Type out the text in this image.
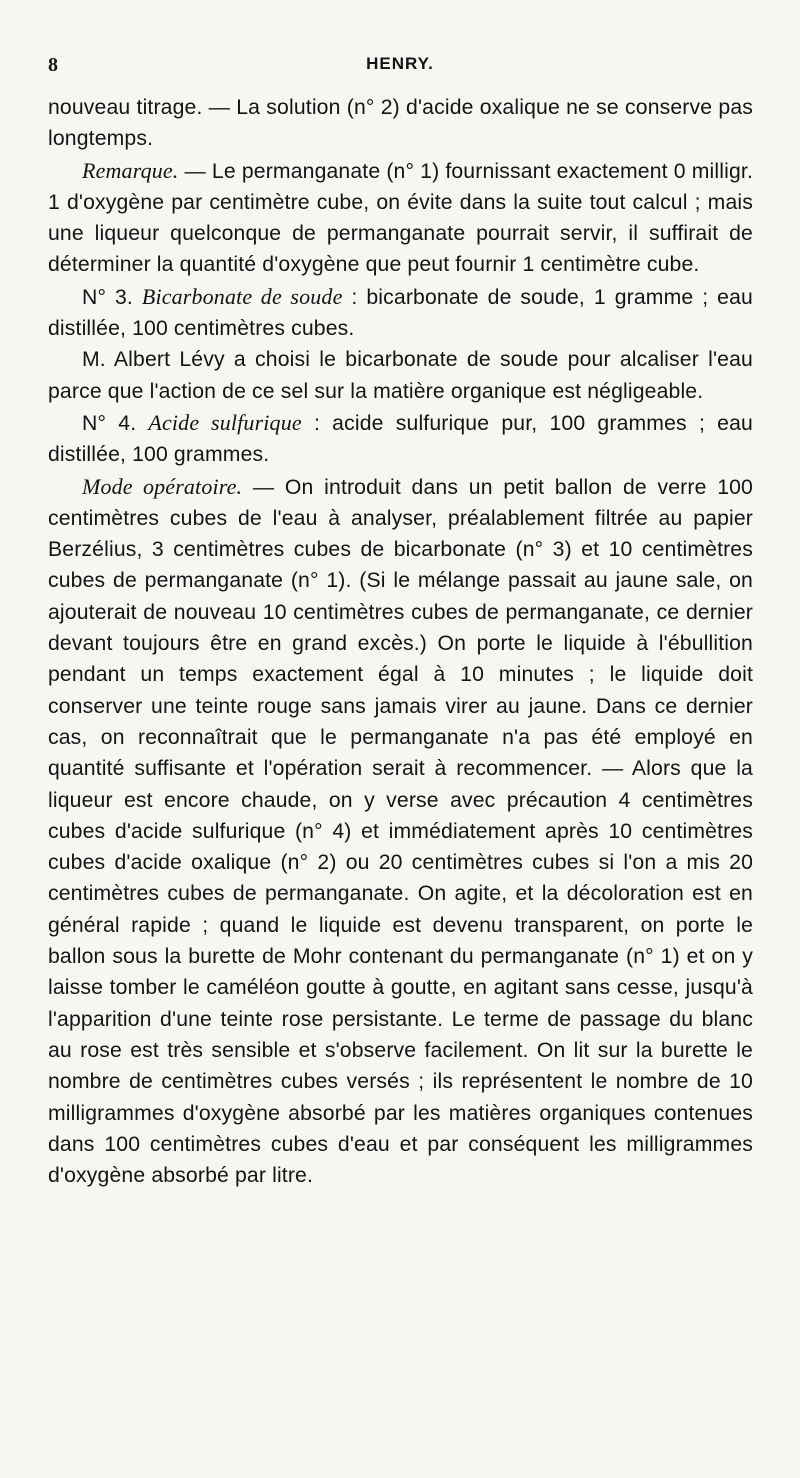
8	HENRY.

nouveau titrage. — La solution (n° 2) d'acide oxalique ne se conserve pas longtemps.

Remarque. — Le permanganate (n° 1) fournissant exactement 0 milligr. 1 d'oxygène par centimètre cube, on évite dans la suite tout calcul ; mais une liqueur quelconque de permanganate pourrait servir, il suffirait de déterminer la quantité d'oxygène que peut fournir 1 centimètre cube.

N° 3. Bicarbonate de soude : bicarbonate de soude, 1 gramme ; eau distillée, 100 centimètres cubes.

M. Albert Lévy a choisi le bicarbonate de soude pour alcaliser l'eau parce que l'action de ce sel sur la matière organique est négligeable.

N° 4. Acide sulfurique : acide sulfurique pur, 100 grammes ; eau distillée, 100 grammes.

Mode opératoire. — On introduit dans un petit ballon de verre 100 centimètres cubes de l'eau à analyser, préalablement filtrée au papier Berzélius, 3 centimètres cubes de bicarbonate (n° 3) et 10 centimètres cubes de permanganate (n° 1). (Si le mélange passait au jaune sale, on ajouterait de nouveau 10 centimètres cubes de permanganate, ce dernier devant toujours être en grand excès.) On porte le liquide à l'ébullition pendant un temps exactement égal à 10 minutes ; le liquide doit conserver une teinte rouge sans jamais virer au jaune. Dans ce dernier cas, on reconnaîtrait que le permanganate n'a pas été employé en quantité suffisante et l'opération serait à recommencer. — Alors que la liqueur est encore chaude, on y verse avec précaution 4 centimètres cubes d'acide sulfurique (n° 4) et immédiatement après 10 centimètres cubes d'acide oxalique (n° 2) ou 20 centimètres cubes si l'on a mis 20 centimètres cubes de permanganate. On agite, et la décoloration est en général rapide ; quand le liquide est devenu transparent, on porte le ballon sous la burette de Mohr contenant du permanganate (n° 1) et on y laisse tomber le caméléon goutte à goutte, en agitant sans cesse, jusqu'à l'apparition d'une teinte rose persistante. Le terme de passage du blanc au rose est très sensible et s'observe facilement. On lit sur la burette le nombre de centimètres cubes versés ; ils représentent le nombre de 10 milligrammes d'oxygène absorbé par les matières organiques contenues dans 100 centimètres cubes d'eau et par conséquent les milligrammes d'oxygène absorbé par litre.
